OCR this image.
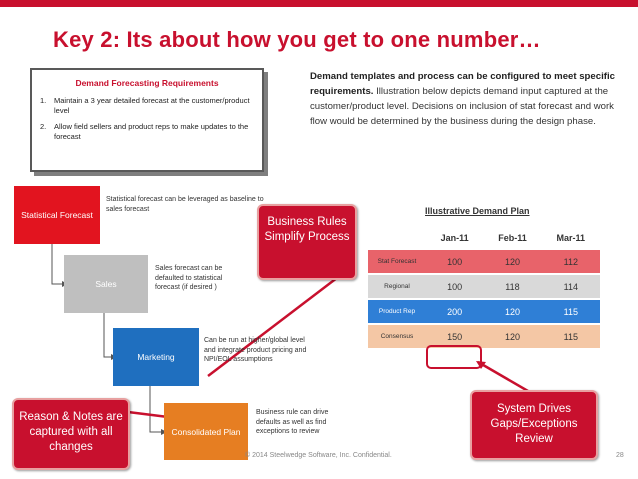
Key 2: Its about how you get to one number…
Demand Forecasting Requirements
1.	Maintain a 3 year detailed forecast at the customer/product level
2.	Allow field sellers and product reps to make updates to the forecast
Demand templates and process can be configured to meet specific requirements. Illustration below depicts demand input captured at the customer/product level. Decisions on inclusion of stat forecast and work flow would be determined by the business during the design phase.
Statistical Forecast
Statistical forecast can be leveraged as baseline to sales forecast
Sales
Sales forecast can be defaulted to statistical forecast (if desired )
Marketing
Can be run at higher/global level and integrate product pricing and NPI/EOL assumptions
Consolidated Plan
Business rule can drive defaults as well as find exceptions to review
Illustrative Demand Plan
	Jan-11	Feb-11	Mar-11
Stat Forecast	100	120	112
Regional	100	118	114
Product Rep	200	120	115
Consensus	150	120	115
Business Rules Simplify Process
Reason & Notes are captured with all changes
System Drives Gaps/Exceptions Review
© 2014 Steelwedge Software, Inc. Confidential.	28
